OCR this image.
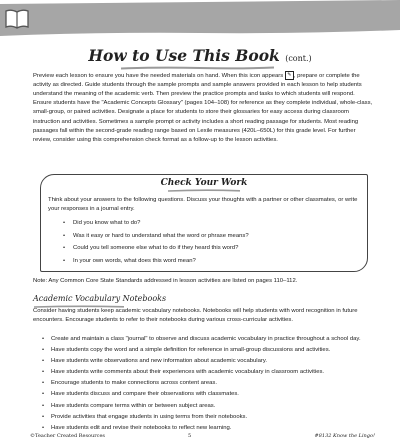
How to Use This Book (cont.)
Preview each lesson to ensure you have the needed materials on hand. When this icon appears ✎ , prepare or complete the activity as directed. Guide students through the sample prompts and sample answers provided in each lesson to help students understand the meaning of the academic verb. Then preview the practice prompts and tasks to which students will respond. Ensure students have the "Academic Concepts Glossary" (pages 104–108) for reference as they complete individual, whole-class, small-group, or paired activities. Designate a place for students to store their glossaries for easy access during classroom instruction and activities. Sometimes a sample prompt or activity includes a short reading passage for students. Most reading passages fall within the second-grade reading range based on Lexile measures (420L–650L) for this grade level. For further review, consider using this comprehension check format as a follow-up to the lesson activities.
Check Your Work
Think about your answers to the following questions. Discuss your thoughts with a partner or other classmates, or write your responses in a journal entry.
• Did you know what to do?
• Was it easy or hard to understand what the word or phrase means?
• Could you tell someone else what to do if they heard this word?
• In your own words, what does this word mean?
Note: Any Common Core State Standards addressed in lesson activities are listed on pages 110–112.
Academic Vocabulary Notebooks
Consider having students keep academic vocabulary notebooks. Notebooks will help students with word recognition in future encounters. Encourage students to refer to their notebooks during various cross-curricular activities.
• Create and maintain a class "journal" to observe and discuss academic vocabulary in practice throughout a school day.
• Have students copy the word and a simple definition for reference in small-group discussions and activities.
• Have students write observations and new information about academic vocabulary.
• Have students write comments about their experiences with academic vocabulary in classroom activities.
• Encourage students to make connections across content areas.
• Have students discuss and compare their observations with classmates.
• Have students compare terms within or between subject areas.
• Provide activities that engage students in using terms from their notebooks.
• Have students edit and revise their notebooks to reflect new learning.
©Teacher Created Resources	5	#8132 Know the Lingo!
